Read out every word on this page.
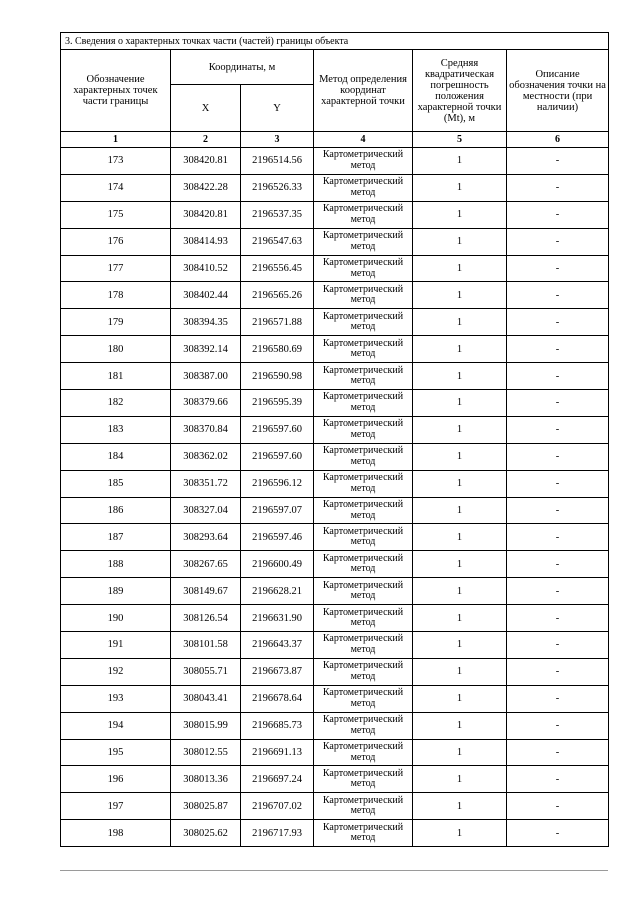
3. Сведения о характерных точках части (частей) границы объекта					
Обозначение характерных точек части границы	Координаты, м		Метод определения координат характерной точки	Средняя квадратическая погрешность положения характерной точки (Mt), м	Описание обозначения точки на местности (при наличии)
	X	Y			
1	2	3	4	5	6
173	308420.81	2196514.56	Картометрический метод	1	-
174	308422.28	2196526.33	Картометрический метод	1	-
175	308420.81	2196537.35	Картометрический метод	1	-
176	308414.93	2196547.63	Картометрический метод	1	-
177	308410.52	2196556.45	Картометрический метод	1	-
178	308402.44	2196565.26	Картометрический метод	1	-
179	308394.35	2196571.88	Картометрический метод	1	-
180	308392.14	2196580.69	Картометрический метод	1	-
181	308387.00	2196590.98	Картометрический метод	1	-
182	308379.66	2196595.39	Картометрический метод	1	-
183	308370.84	2196597.60	Картометрический метод	1	-
184	308362.02	2196597.60	Картометрический метод	1	-
185	308351.72	2196596.12	Картометрический метод	1	-
186	308327.04	2196597.07	Картометрический метод	1	-
187	308293.64	2196597.46	Картометрический метод	1	-
188	308267.65	2196600.49	Картометрический метод	1	-
189	308149.67	2196628.21	Картометрический метод	1	-
190	308126.54	2196631.90	Картометрический метод	1	-
191	308101.58	2196643.37	Картометрический метод	1	-
192	308055.71	2196673.87	Картометрический метод	1	-
193	308043.41	2196678.64	Картометрический метод	1	-
194	308015.99	2196685.73	Картометрический метод	1	-
195	308012.55	2196691.13	Картометрический метод	1	-
196	308013.36	2196697.24	Картометрический метод	1	-
197	308025.87	2196707.02	Картометрический метод	1	-
198	308025.62	2196717.93	Картометрический метод	1	-
